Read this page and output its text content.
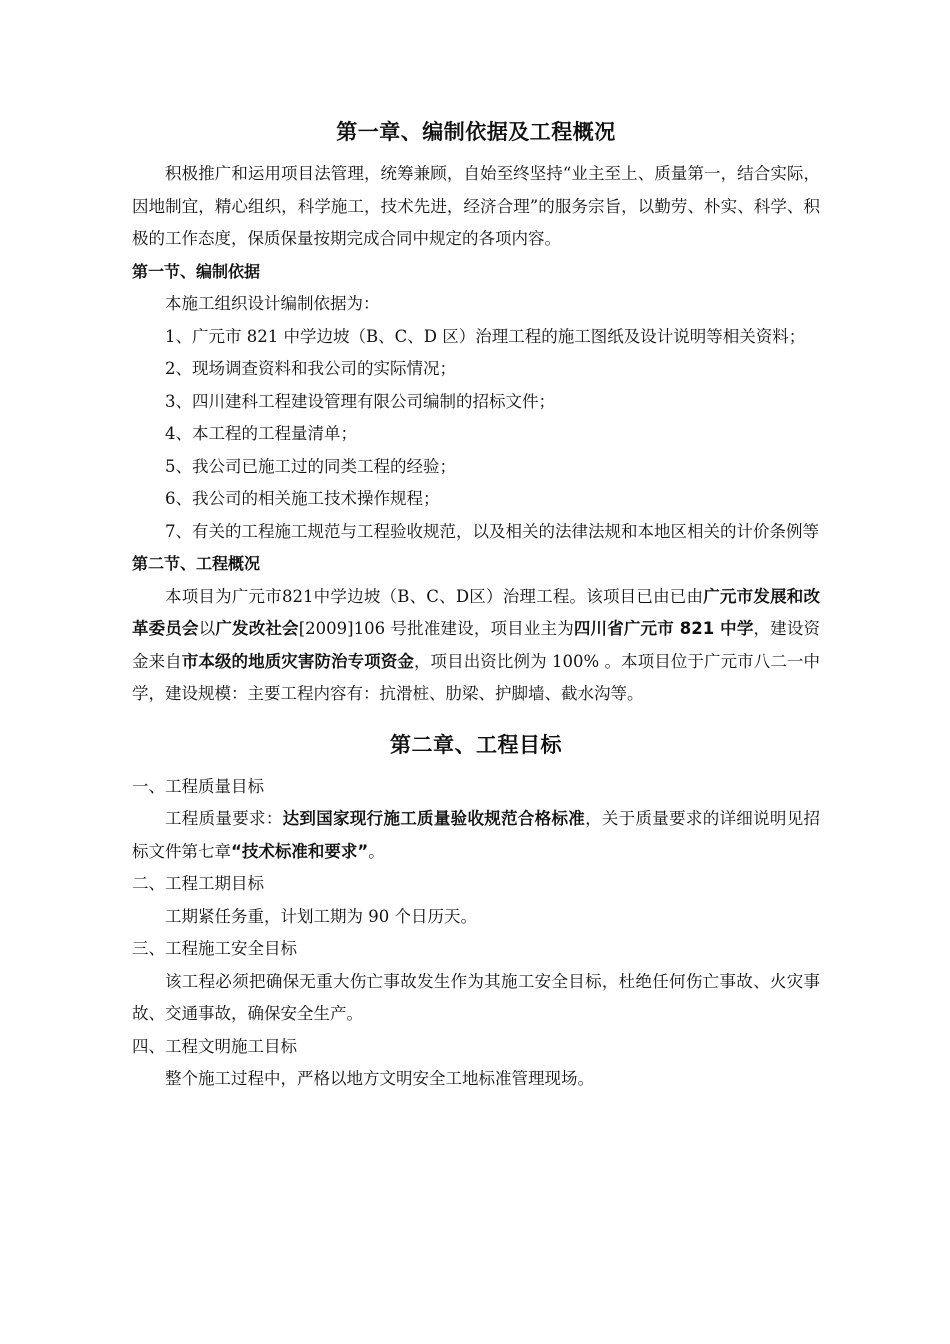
第一章、编制依据及工程概况

积极推广和运用项目法管理，统筹兼顾，自始至终坚持“业主至上、质量第一，结合实际，因地制宜，精心组织，科学施工，技术先进，经济合理”的服务宗旨，以勤劳、朴实、科学、积极的工作态度，保质保量按期完成合同中规定的各项内容。

第一节、编制依据

本施工组织设计编制依据为：

1、广元市 821 中学边坡（B、C、D 区）治理工程的施工图纸及设计说明等相关资料；

2、现场调查资料和我公司的实际情况；

3、四川建科工程建设管理有限公司编制的招标文件；

4、本工程的工程量清单；

5、我公司已施工过的同类工程的经验；

6、我公司的相关施工技术操作规程；

7、有关的工程施工规范与工程验收规范，以及相关的法律法规和本地区相关的计价条例等

第二节、工程概况

本项目为广元市821中学边坡（B、C、D区）治理工程。该项目已由已由广元市发展和改革委员会以广发改社会[2009]106 号批准建设，项目业主为四川省广元市 821 中学，建设资金来自市本级的地质灾害防治专项资金，项目出资比例为 100% 。本项目位于广元市八二一中学，建设规模：主要工程内容有：抗滑桩、肋梁、护脚墙、截水沟等。

第二章、工程目标

一、工程质量目标

工程质量要求：达到国家现行施工质量验收规范合格标准，关于质量要求的详细说明见招标文件第七章“技术标准和要求”。

二、工程工期目标

工期紧任务重，计划工期为 90 个日历天。

三、工程施工安全目标

该工程必须把确保无重大伤亡事故发生作为其施工安全目标，杜绝任何伤亡事故、火灾事故、交通事故，确保安全生产。

四、工程文明施工目标

整个施工过程中，严格以地方文明安全工地标准管理现场。
